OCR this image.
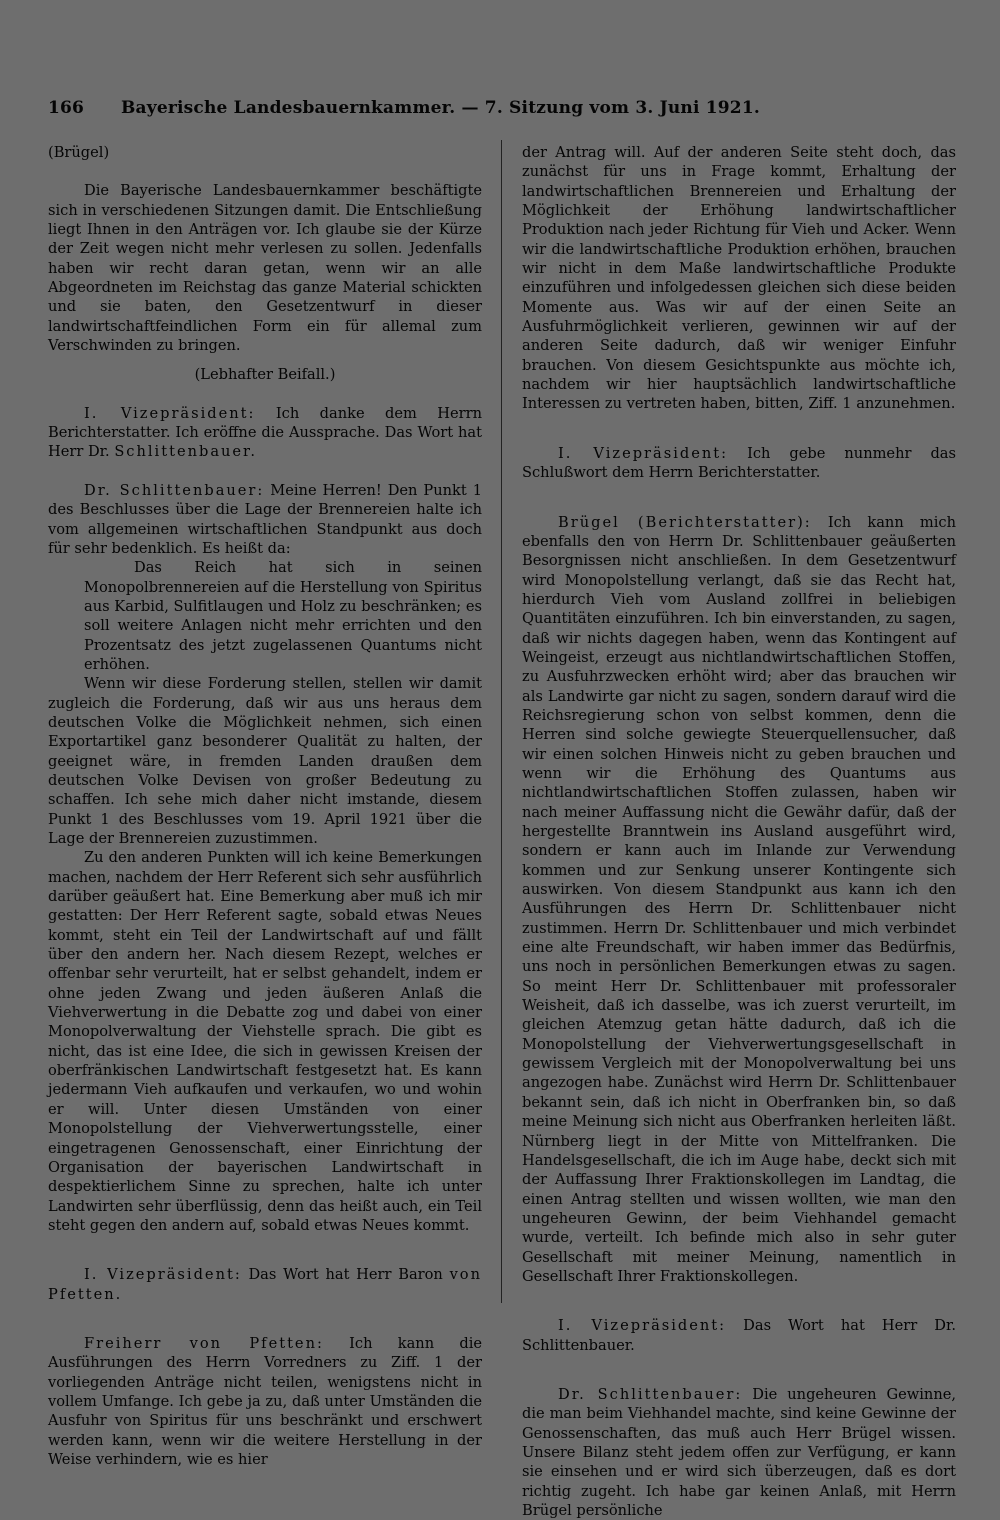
166 Bayerische Landesbauernkammer. — 7. Sitzung vom 3. Juni 1921.

(Brügel)

Die Bayerische Landesbauernkammer beschäftigte sich in verschiedenen Sitzungen damit. Die Entschließung liegt Ihnen in den Anträgen vor. Ich glaube sie der Kürze der Zeit wegen nicht mehr verlesen zu sollen. Jedenfalls haben wir recht daran getan, wenn wir an alle Abgeordneten im Reichstag das ganze Material schickten und sie baten, den Gesetzentwurf in dieser landwirtschaftfeindlichen Form ein für allemal zum Verschwinden zu bringen.

(Lebhafter Beifall.)

I. Vizepräsident: Ich danke dem Herrn Berichterstatter. Ich eröffne die Aussprache. Das Wort hat Herr Dr. Schlittenbauer.

Dr. Schlittenbauer: Meine Herren! Den Punkt 1 des Beschlusses über die Lage der Brennereien halte ich vom allgemeinen wirtschaftlichen Standpunkt aus doch für sehr bedenklich. Es heißt da:

Das Reich hat sich in seinen Monopolbrennereien auf die Herstellung von Spiritus aus Karbid, Sulfitlaugen und Holz zu beschränken; es soll weitere Anlagen nicht mehr errichten und den Prozentsatz des jetzt zugelassenen Quantums nicht erhöhen.

Wenn wir diese Forderung stellen, stellen wir damit zugleich die Forderung, daß wir aus uns heraus dem deutschen Volke die Möglichkeit nehmen, sich einen Exportartikel ganz besonderer Qualität zu halten, der geeignet wäre, in fremden Landen draußen dem deutschen Volke Devisen von großer Bedeutung zu schaffen. Ich sehe mich daher nicht imstande, diesem Punkt 1 des Beschlusses vom 19. April 1921 über die Lage der Brennereien zuzustimmen.

Zu den anderen Punkten will ich keine Bemerkungen machen, nachdem der Herr Referent sich sehr ausführlich darüber geäußert hat. Eine Bemerkung aber muß ich mir gestatten: Der Herr Referent sagte, sobald etwas Neues kommt, steht ein Teil der Landwirtschaft auf und fällt über den andern her. Nach diesem Rezept, welches er offenbar sehr verurteilt, hat er selbst gehandelt, indem er ohne jeden Zwang und jeden äußeren Anlaß die Viehverwertung in die Debatte zog und dabei von einer Monopolverwaltung der Viehstelle sprach. Die gibt es nicht, das ist eine Idee, die sich in gewissen Kreisen der oberfränkischen Landwirtschaft festgesetzt hat. Es kann jedermann Vieh aufkaufen und verkaufen, wo und wohin er will. Unter diesen Umständen von einer Monopolstellung der Viehverwertungsstelle, einer eingetragenen Genossenschaft, einer Einrichtung der Organisation der bayerischen Landwirtschaft in despektierlichem Sinne zu sprechen, halte ich unter Landwirten sehr überflüssig, denn das heißt auch, ein Teil steht gegen den andern auf, sobald etwas Neues kommt.

I. Vizepräsident: Das Wort hat Herr Baron von Pfetten.

Freiherr von Pfetten: Ich kann die Ausführungen des Herrn Vorredners zu Ziff. 1 der vorliegenden Anträge nicht teilen, wenigstens nicht in vollem Umfange. Ich gebe ja zu, daß unter Umständen die Ausfuhr von Spiritus für uns beschränkt und erschwert werden kann, wenn wir die weitere Herstellung in der Weise verhindern, wie es hier

der Antrag will. Auf der anderen Seite steht doch, das zunächst für uns in Frage kommt, Erhaltung der landwirtschaftlichen Brennereien und Erhaltung der Möglichkeit der Erhöhung landwirtschaftlicher Produktion nach jeder Richtung für Vieh und Acker. Wenn wir die landwirtschaftliche Produktion erhöhen, brauchen wir nicht in dem Maße landwirtschaftliche Produkte einzuführen und infolgedessen gleichen sich diese beiden Momente aus. Was wir auf der einen Seite an Ausfuhrmöglichkeit verlieren, gewinnen wir auf der anderen Seite dadurch, daß wir weniger Einfuhr brauchen. Von diesem Gesichtspunkte aus möchte ich, nachdem wir hier hauptsächlich landwirtschaftliche Interessen zu vertreten haben, bitten, Ziff. 1 anzunehmen.

I. Vizepräsident: Ich gebe nunmehr das Schlußwort dem Herrn Berichterstatter.

Brügel (Berichterstatter): Ich kann mich ebenfalls den von Herrn Dr. Schlittenbauer geäußerten Besorgnissen nicht anschließen. In dem Gesetzentwurf wird Monopolstellung verlangt, daß sie das Recht hat, hierdurch Vieh vom Ausland zollfrei in beliebigen Quantitäten einzuführen. Ich bin einverstanden, zu sagen, daß wir nichts dagegen haben, wenn das Kontingent auf Weingeist, erzeugt aus nichtlandwirtschaftlichen Stoffen, zu Ausfuhrzwecken erhöht wird; aber das brauchen wir als Landwirte gar nicht zu sagen, sondern darauf wird die Reichsregierung schon von selbst kommen, denn die Herren sind solche gewiegte Steuerquellensucher, daß wir einen solchen Hinweis nicht zu geben brauchen und wenn wir die Erhöhung des Quantums aus nichtlandwirtschaftlichen Stoffen zulassen, haben wir nach meiner Auffassung nicht die Gewähr dafür, daß der hergestellte Branntwein ins Ausland ausgeführt wird, sondern er kann auch im Inlande zur Verwendung kommen und zur Senkung unserer Kontingente sich auswirken. Von diesem Standpunkt aus kann ich den Ausführungen des Herrn Dr. Schlittenbauer nicht zustimmen. Herrn Dr. Schlittenbauer und mich verbindet eine alte Freundschaft, wir haben immer das Bedürfnis, uns noch in persönlichen Bemerkungen etwas zu sagen. So meint Herr Dr. Schlittenbauer mit professoraler Weisheit, daß ich dasselbe, was ich zuerst verurteilt, im gleichen Atemzug getan hätte dadurch, daß ich die Monopolstellung der Viehverwertungsgesellschaft in gewissem Vergleich mit der Monopolverwaltung bei uns angezogen habe. Zunächst wird Herrn Dr. Schlittenbauer bekannt sein, daß ich nicht in Oberfranken bin, so daß meine Meinung sich nicht aus Oberfranken herleiten läßt. Nürnberg liegt in der Mitte von Mittelfranken. Die Handelsgesellschaft, die ich im Auge habe, deckt sich mit der Auffassung Ihrer Fraktionskollegen im Landtag, die einen Antrag stellten und wissen wollten, wie man den ungeheuren Gewinn, der beim Viehhandel gemacht wurde, verteilt. Ich befinde mich also in sehr guter Gesellschaft mit meiner Meinung, namentlich in Gesellschaft Ihrer Fraktionskollegen.

I. Vizepräsident: Das Wort hat Herr Dr. Schlittenbauer.

Dr. Schlittenbauer: Die ungeheuren Gewinne, die man beim Viehhandel machte, sind keine Gewinne der Genossenschaften, das muß auch Herr Brügel wissen. Unsere Bilanz steht jedem offen zur Verfügung, er kann sie einsehen und er wird sich überzeugen, daß es dort richtig zugeht. Ich habe gar keinen Anlaß, mit Herrn Brügel persönliche
